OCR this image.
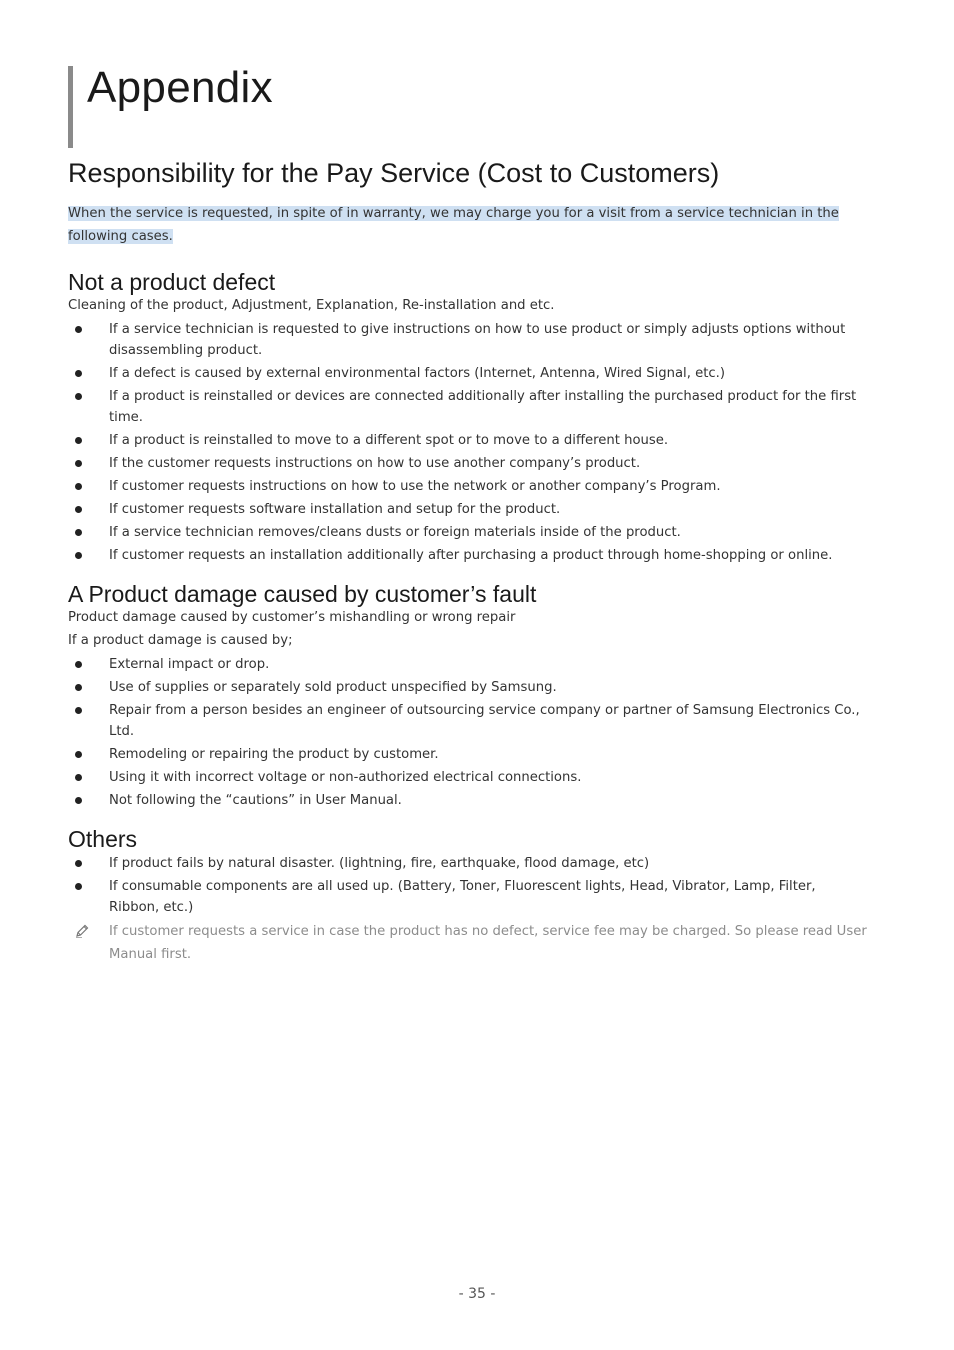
Appendix
Responsibility for the Pay Service (Cost to Customers)

When the service is requested, in spite of in warranty, we may charge you for a visit from a service technician in the following cases.

Not a product defect

Cleaning of the product, Adjustment, Explanation, Re-installation and etc.

If a service technician is requested to give instructions on how to use product or simply adjusts options without disassembling product.
If a defect is caused by external environmental factors (Internet, Antenna, Wired Signal, etc.)
If a product is reinstalled or devices are connected additionally after installing the purchased product for the first time.
If a product is reinstalled to move to a different spot or to move to a different house.
If the customer requests instructions on how to use another company’s product.
If customer requests instructions on how to use the network or another company’s Program.
If customer requests software installation and setup for the product.
If a service technician removes/cleans dusts or foreign materials inside of the product.
If customer requests an installation additionally after purchasing a product through home-shopping or online.
A Product damage caused by customer’s fault

Product damage caused by customer’s mishandling or wrong repair

If a product damage is caused by;

External impact or drop.
Use of supplies or separately sold product unspecified by Samsung.
Repair from a person besides an engineer of outsourcing service company or partner of Samsung Electronics Co., Ltd.
Remodeling or repairing the product by customer.
Using it with incorrect voltage or non-authorized electrical connections.
Not following the “cautions” in User Manual.
Others
If product fails by natural disaster. (lightning, fire, earthquake, flood damage, etc)
If consumable components are all used up. (Battery, Toner, Fluorescent lights, Head, Vibrator, Lamp, Filter, Ribbon, etc.)
If customer requests a service in case the product has no defect, service fee may be charged. So please read User Manual first.
- 35 -
